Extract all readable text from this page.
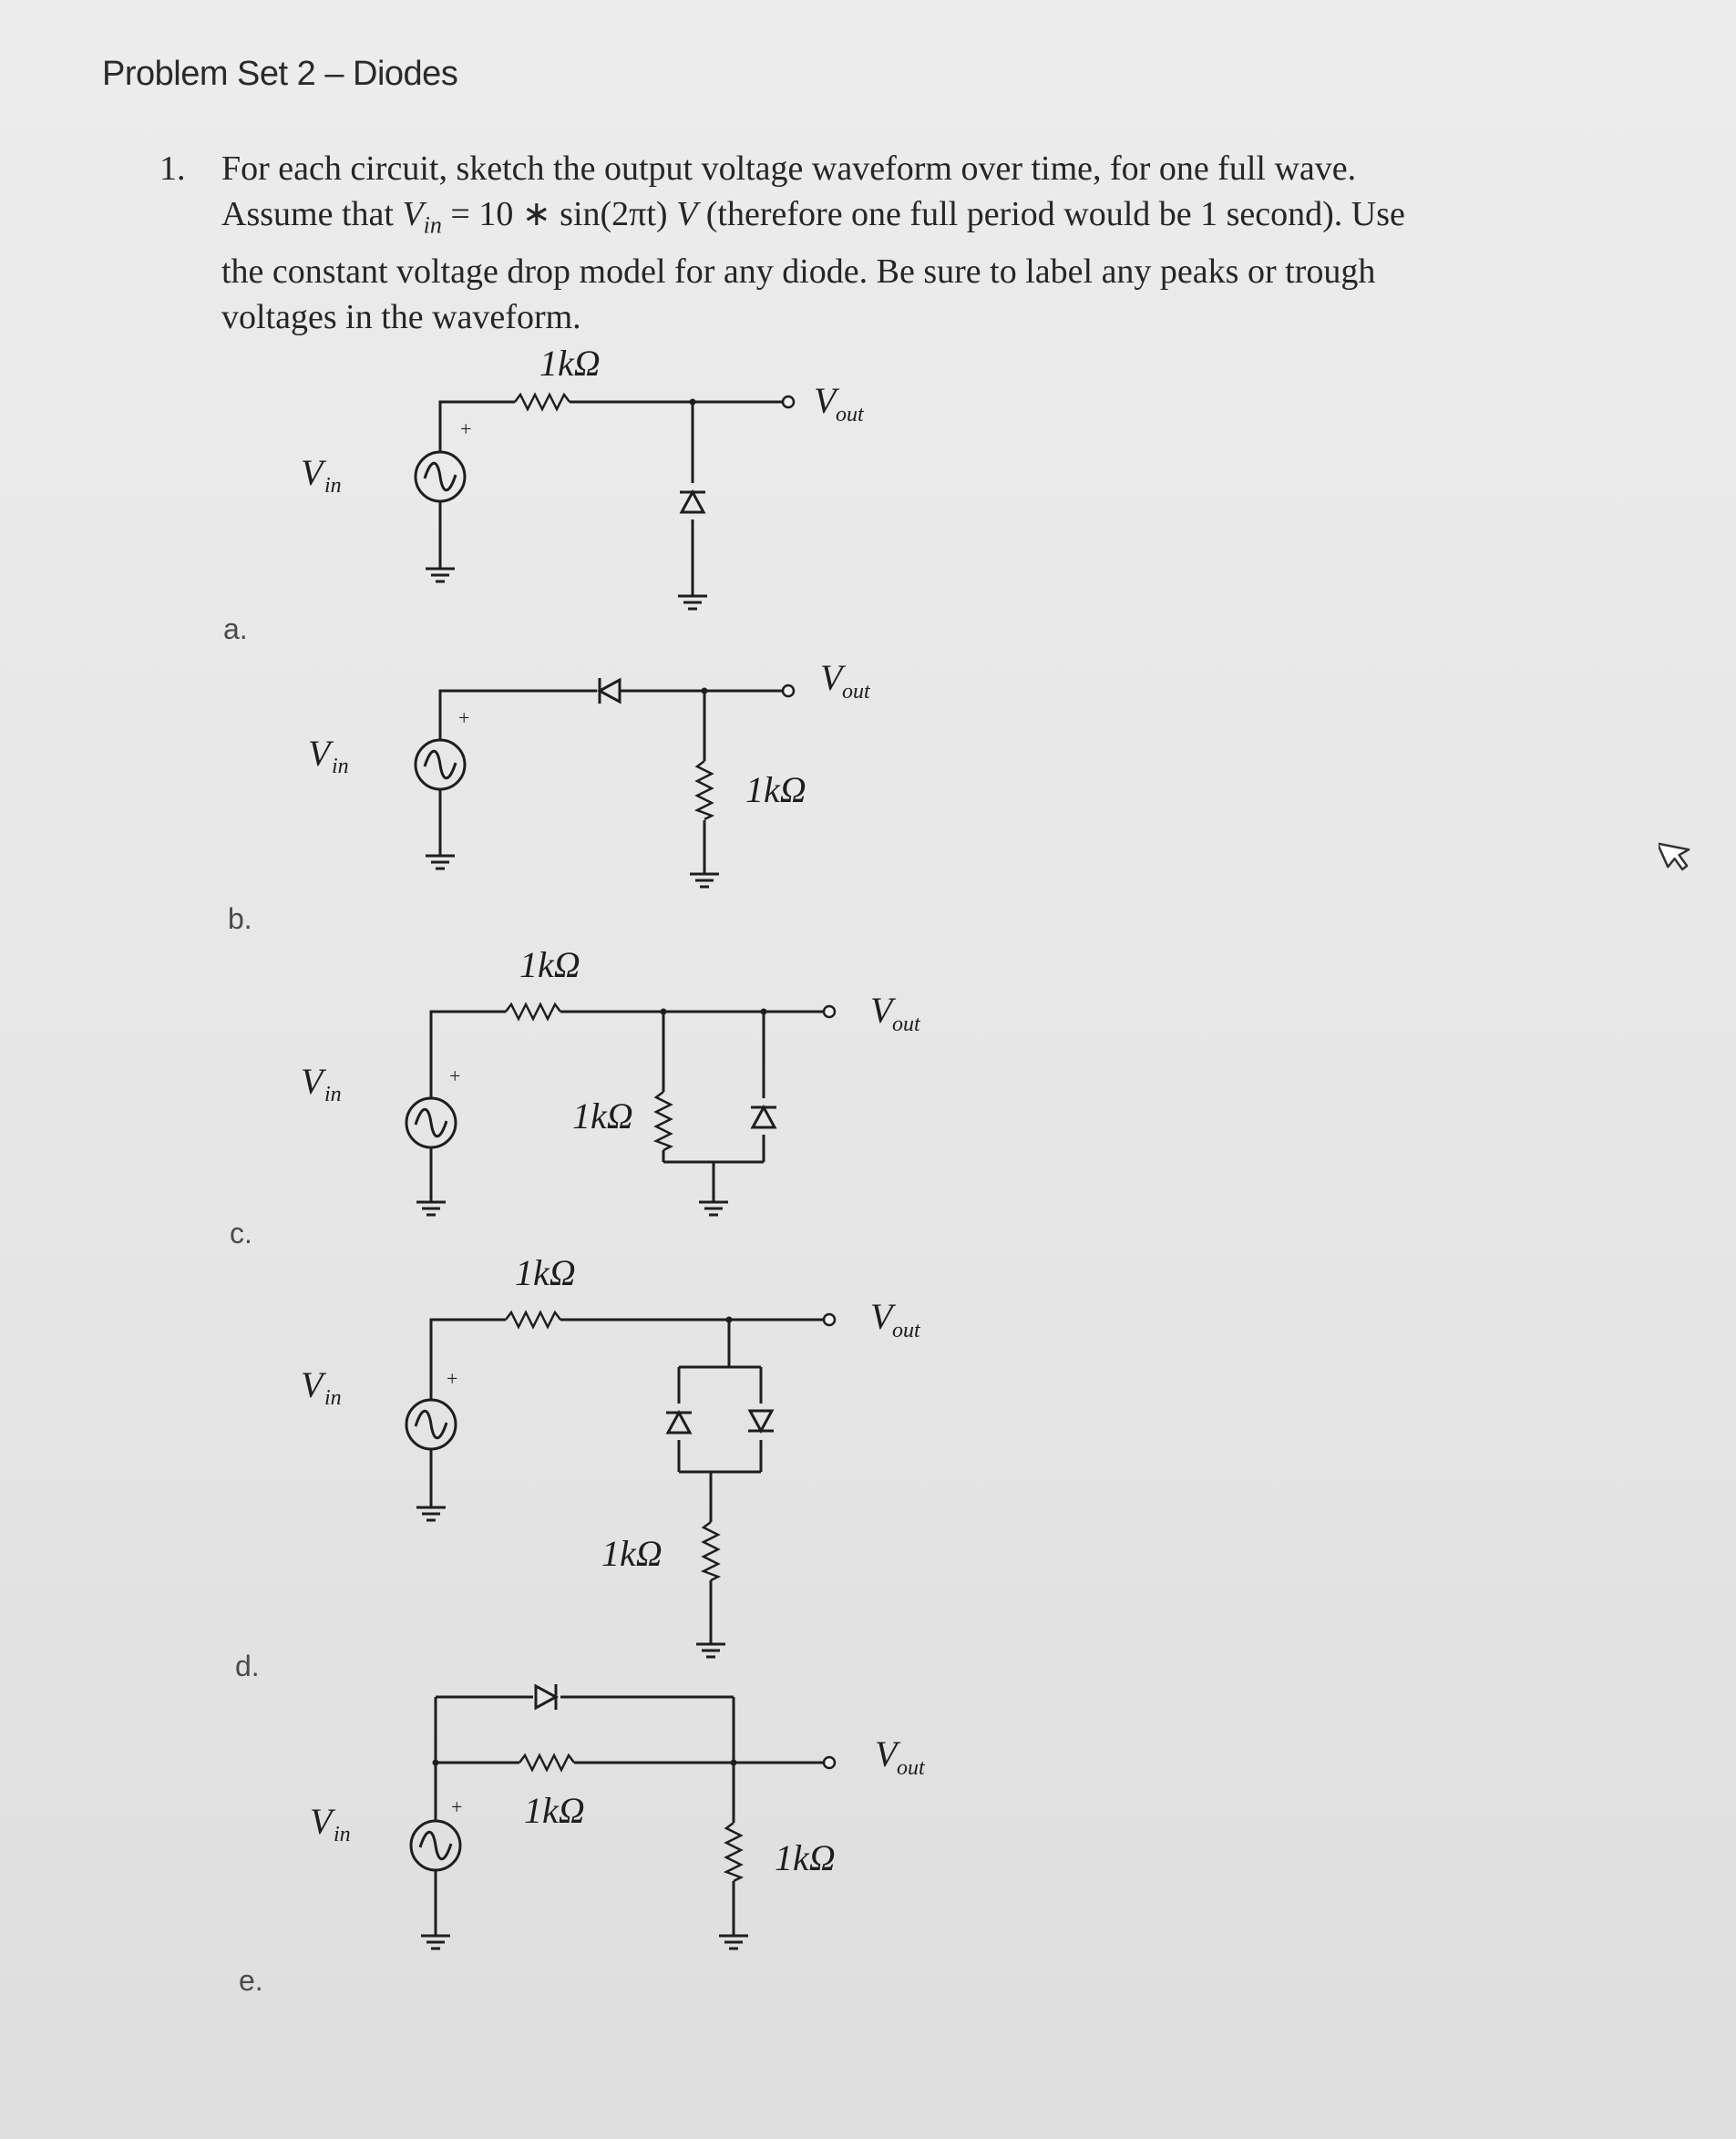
Problem Set 2 – Diodes
1. For each circuit, sketch the output voltage waveform over time, for one full wave.

Assume that $V_{in} = 10$ ∗ sin(2πt) V (therefore one full period would be 1 second). Use

the constant voltage drop model for any diode. Be sure to label any peaks or trough

voltages in the waveform.

a.
b.
c.
d.
e.
+
1kΩ
V in
V out
+
1kΩ
V in
V out
+
1kΩ
1kΩ
V in
V out
+
1kΩ
1kΩ
V in
V out
+ 1kΩ
1kΩ
V in
V out
